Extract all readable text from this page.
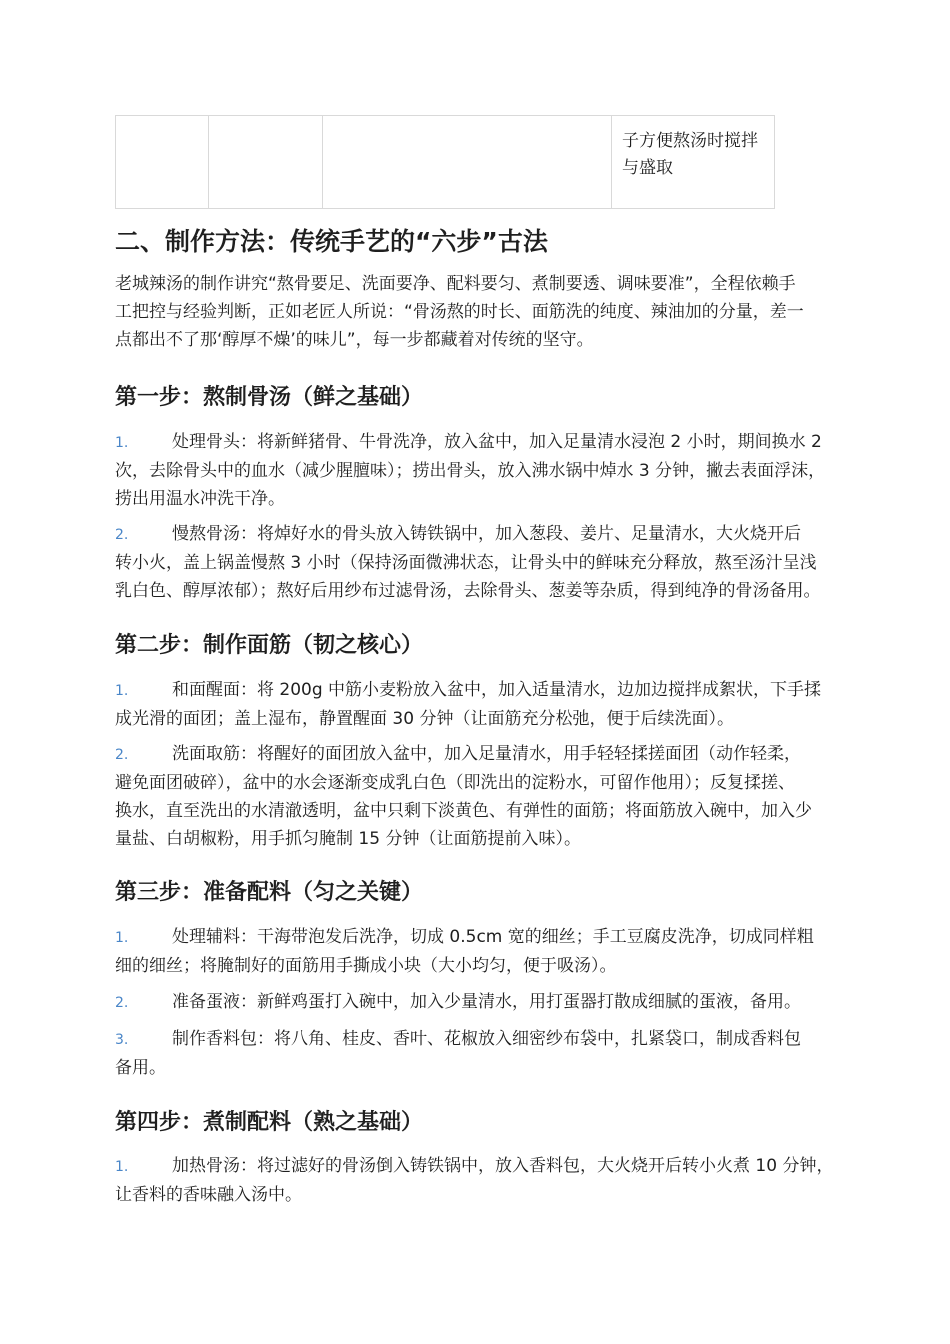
子方便熬汤时搅拌
与盛取
二、制作方法：传统手艺的“六步”古法
老城辣汤的制作讲究“熬骨要足、洗面要净、配料要匀、煮制要透、调味要准”，全程依赖手
工把控与经验判断，正如老匠人所说：“骨汤熬的时长、面筋洗的纯度、辣油加的分量，差一
点都出不了那‘醇厚不燥’的味儿”，每一步都藏着对传统的坚守。
第一步：熬制骨汤（鲜之基础）
1.	处理骨头：将新鲜猪骨、牛骨洗净，放入盆中，加入足量清水浸泡 2 小时，期间换水 2
次，去除骨头中的血水（减少腥膻味）；捞出骨头，放入沸水锅中焯水 3 分钟，撇去表面浮沫，
捞出用温水冲洗干净。
2.	慢熬骨汤：将焯好水的骨头放入铸铁锅中，加入葱段、姜片、足量清水，大火烧开后
转小火，盖上锅盖慢熬 3 小时（保持汤面微沸状态，让骨头中的鲜味充分释放，熬至汤汁呈浅
乳白色、醇厚浓郁）；熬好后用纱布过滤骨汤，去除骨头、葱姜等杂质，得到纯净的骨汤备用。
第二步：制作面筋（韧之核心）
1.	和面醒面：将 200g 中筋小麦粉放入盆中，加入适量清水，边加边搅拌成絮状，下手揉
成光滑的面团；盖上湿布，静置醒面 30 分钟（让面筋充分松弛，便于后续洗面）。
2.	洗面取筋：将醒好的面团放入盆中，加入足量清水，用手轻轻揉搓面团（动作轻柔，
避免面团破碎），盆中的水会逐渐变成乳白色（即洗出的淀粉水，可留作他用）；反复揉搓、
换水，直至洗出的水清澈透明，盆中只剩下淡黄色、有弹性的面筋；将面筋放入碗中，加入少
量盐、白胡椒粉，用手抓匀腌制 15 分钟（让面筋提前入味）。
第三步：准备配料（匀之关键）
1.	处理辅料：干海带泡发后洗净，切成 0.5cm 宽的细丝；手工豆腐皮洗净，切成同样粗
细的细丝；将腌制好的面筋用手撕成小块（大小均匀，便于吸汤）。
2.	准备蛋液：新鲜鸡蛋打入碗中，加入少量清水，用打蛋器打散成细腻的蛋液，备用。
3.	制作香料包：将八角、桂皮、香叶、花椒放入细密纱布袋中，扎紧袋口，制成香料包
备用。
第四步：煮制配料（熟之基础）
1.	加热骨汤：将过滤好的骨汤倒入铸铁锅中，放入香料包，大火烧开后转小火煮 10 分钟，
让香料的香味融入汤中。
